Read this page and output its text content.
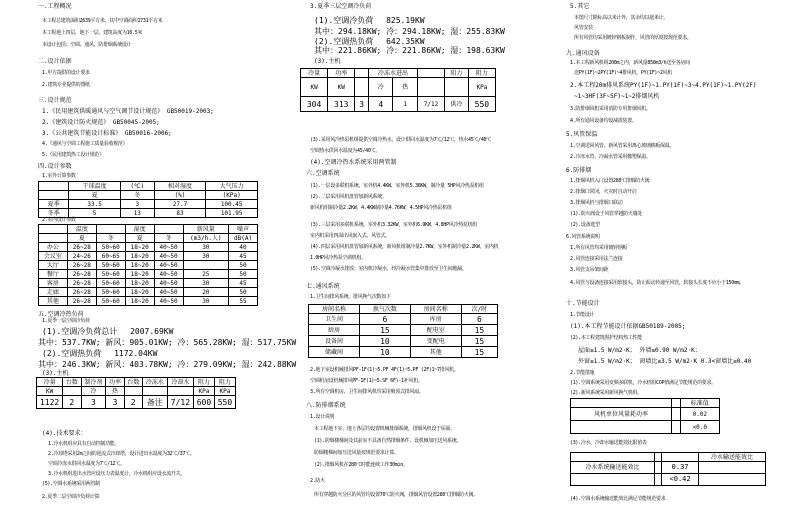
一.工程概况
本工程总建筑面积2639平方米，其中空调面积1731平方米
本工程地上四层，地下一层，建筑高度为16.5米
本设计包括：空调、通风、防排烟系统设计
二.设计依据
1.甲方提供的设计要求
2.建筑专业提供的图纸
三.设计规范
1.《民用建筑供暖通风与空气调节设计规范》 GB50019-2003;
2.《建筑设计防火规范》 GB50045-2005;
3.《公共建筑节能设计标准》 GB50016-2006;
4.《通风与空调工程施工质量验收规范》
5.《民用建筑热工设计规范》
四.设计参数
1.室外计算参数
	干球温度	(℃)	相对湿度	大气压力
	夏	冬	(%)	(KPa)
夏季	33.5	3	27.7	100.45
冬季	5	13	83	101.95
2.室内设计参数
	温度		湿度		新风量	噪声
	夏	冬	夏	冬	(m3/h.人)	dB(A)
办公	26~28	50~60	18~20	40~50	30	40
会议室	24~26	60~65	18~20	40~50	30	45
大厅	26~28	50~60	18~20	40~50		50
餐厅	26~28	50~60	18~20	40~50	25	50
客房	26~28	50~60	18~20	40~50	30	45
走廊	26~28	50~60	18~20	40~50	20	50
其他	26~28	50~60	18~20	40~50	30	55
五.空调冷热负荷
1.夏季一层空调冷负荷
(1).空调冷负荷总计 2007.69KW
其中：537.7KW; 新风：905.01KW; 冷：565.28KW; 湿：517.75KW
(2).空调热负荷 1172.04KW
其中：246.3KW; 新风：403.78KW; 冷：279.09KW; 湿：242.88KW
(3).主机
冷量	台数	制冷剂	功率	台数	冷冻水	冷却水	阻力	阻力
KW		冷	热				KPa	KPa
1122	2	3	3	2	备注	7/12	600	550
(4).技术要求：
1.冷水机组应具有自动控制功能。
2.冷却塔采用2m之间的逆流式冷却塔，设计进出水温度为32℃/37℃。
空调冷冻水供回水温度为7℃/12℃。
3.冷水机组进出水管应设压力表温度计，冷水机组应设水流开关。
(5).空调水系统采用两管制
2.夏季二层空调冷负荷计算
3.夏季三层空调冷负荷
(1).空调冷负荷 825.19KW
其中：294.18KW; 冷：294.18KW; 湿：255.83KW
(2).空调热负荷 642.35KW
其中：221.86KW; 冷：221.86KW; 湿：198.63KW
(3).主机
冷量	功率		冷冻水进出			阻力	阻力
KW	KW		冷	热			KPa
304	313	3	4	1	7/12	供冷	550
(3).采用风冷热泵机组提供空调冷热水，设计供回水温度为7℃/12℃，热水45℃/40℃
空调热水供回水温度为45/40℃。
(4).空调冷热水系统采用两管制
六.空调系统
(1).一层设多联机系统，室外机4.4KW、室外机5.36KW，制冷量 5HP风冷热泵机组
(2).二层采用风机盘管加新风系统。
新风机组制冷量2.2KW，4.4KW制冷量4.76KW，4.5HP风冷热泵机组
(3).三层采用多联机系统，室外机3.32KW，室外机6.9KW，4.8HP风冷热泵机组
室内机采用四面出风嵌入式、风管式。
(4).四层采用风机盘管加新风系统，新风机组制冷量2.7KW，室外机制冷量2.2KW，室内机
1.0HP风冷热泵空调机组。
(5).空调冷凝水排放：室内机冷凝水，经冷凝水管集中排放至卫生间地漏。
七.通风系统
1.卫生间排风系统，排风换气次数如下
房间名称	换气次数	房间名称	次/时
卫生间	6	库房	6
厨房	15	配电室	15
设备间	10	变配电	15
储藏间	10	其他	15
2.地下室设机械排风PF-1F(1)~5.PF 4F(1)~5.PF (2F)1~7排风机。
空调机房设机械排风PF-1F(1)~5.SF 6F)-1补风机。
3.所有空调机房、卫生间排风机均采用吸顶式排风扇。
八.防排烟系统
1.设计说明
本工程地下室、地上各层均设置机械排烟系统，排烟风机设于屋面，
(1).防烟楼梯间及其前室不具备自然排烟条件，设机械加压送风系统。
防烟楼梯间加压送风量按规范要求计算。
(2).排烟风机在280℃时能连续工作30min。
2.防火
所有穿越防火分区的风管均设置70℃防火阀，排烟风管设置280℃排烟防火阀。
5.其它
本图尺寸除标高以米计外，其余均以毫米计。
风管安装
所有风管均采用镀锌钢板制作，风管的厚度按规范要求。
九.通风设备
1.本工程新风机组200m之内，新风量850m3/h送至各房间
送PY(1F)~2PY(1F)~4排风机，PY(1F)~2风机
2.本工程20m排风系统PY(1F)~1.PY(1F)~3~4.PY(1F)~1.PY(2F)
~1~3HF(3F~5F)~1~2排烟风机
3.防排烟风机采用消防专用排烟风机。
4.所有通风设备均设减震装置。
5.风管保温
1.空调送回风管、新风管采用离心玻璃棉板保温。
2.冷冻水管、冷凝水管采用橡塑保温。
6.防排烟
1.排烟风机入口设置280℃排烟防火阀
2.排烟口常闭，火灾时自动开启
3.排烟风机与排烟口联动
(1).防火阀设于风管穿越防火墙处
(2).设备选型
6.风管系统说明
1.所有风管均采用镀锌钢板
2.风管连接采用法兰连接
3.风管支吊架间距
4.风管与设备连接采用软接头，防止振动传递至风管，软接头长度不应小于150mm。
十.节能设计
1.节能设计
(1).本工程节能设计依据GB50189-2005;
(2).本工程建筑围护结构热工性能
屋面≤1.5 W/m2·K； 外墙≤0.90 W/m2·K；
外窗≤1.5 W/m2·K； 窗墙比≤3.5 W/m2·K 0.3<窗墙比≤0.40
2.节能措施
(1).空调系统采用变频多联机，冷水机组COP值满足节能规范的要求。
(2).新风系统采用新风换气机组。
		标准值
风机单位风量耗功率		0.02
		<0.0
(3).冷水、冷却水输送能效比限值表
			冷水输送能效比
冷水系统输送能效比		0.37	
		<0.42	
(4).空调水系统输送能效比满足节能规范要求
